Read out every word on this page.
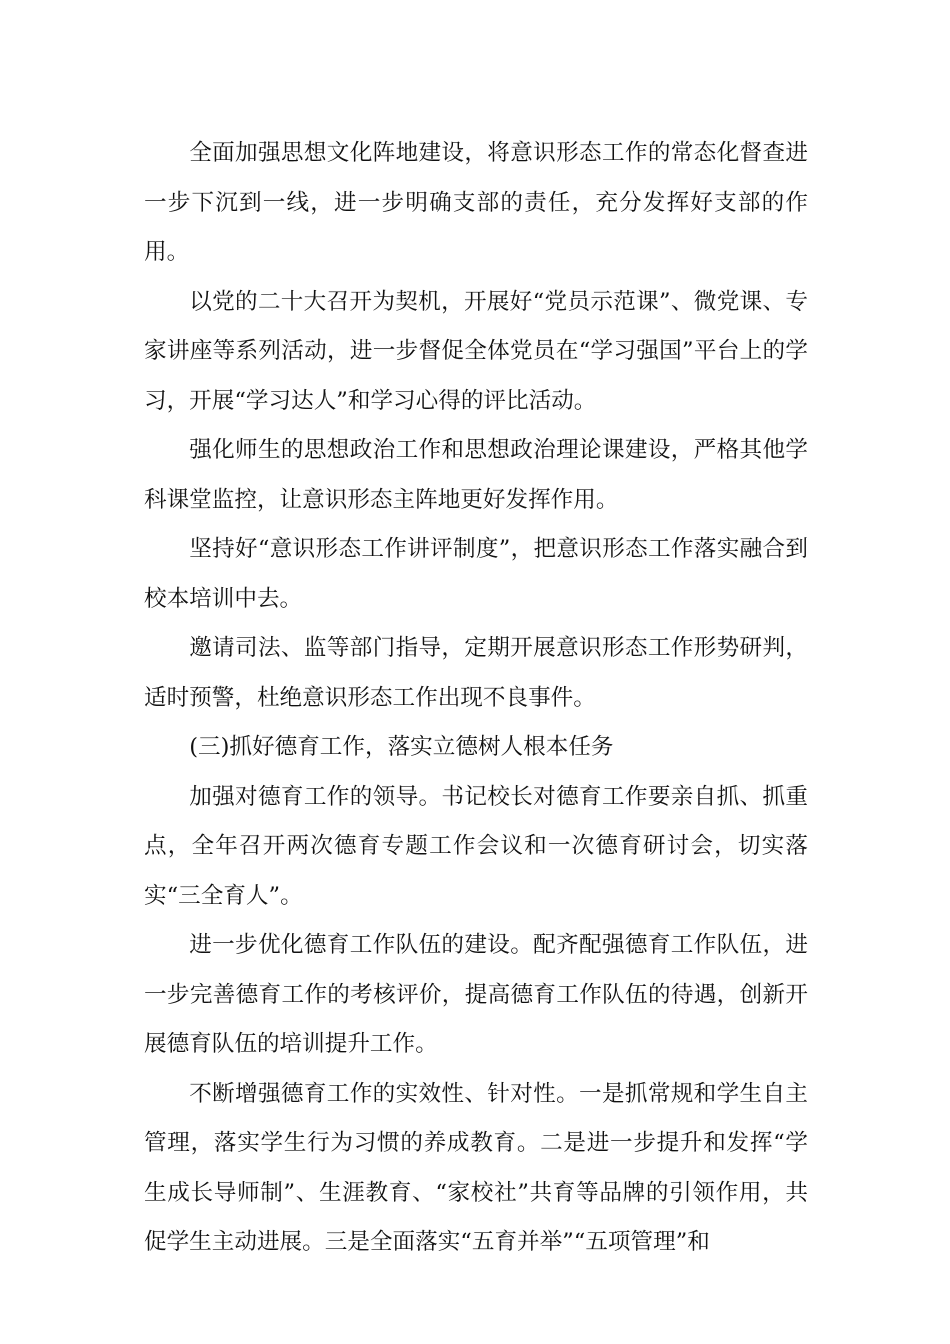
全面加强思想文化阵地建设，将意识形态工作的常态化督查进一步下沉到一线，进一步明确支部的责任，充分发挥好支部的作用。

以党的二十大召开为契机，开展好“党员示范课”、微党课、专家讲座等系列活动，进一步督促全体党员在“学习强国”平台上的学习，开展“学习达人”和学习心得的评比活动。

强化师生的思想政治工作和思想政治理论课建设，严格其他学科课堂监控，让意识形态主阵地更好发挥作用。

坚持好“意识形态工作讲评制度”，把意识形态工作落实融合到校本培训中去。

邀请司法、监等部门指导，定期开展意识形态工作形势研判，适时预警，杜绝意识形态工作出现不良事件。

(三)抓好德育工作，落实立德树人根本任务

加强对德育工作的领导。书记校长对德育工作要亲自抓、抓重点，全年召开两次德育专题工作会议和一次德育研讨会，切实落实“三全育人”。

进一步优化德育工作队伍的建设。配齐配强德育工作队伍，进一步完善德育工作的考核评价，提高德育工作队伍的待遇，创新开展德育队伍的培训提升工作。

不断增强德育工作的实效性、针对性。一是抓常规和学生自主管理，落实学生行为习惯的养成教育。二是进一步提升和发挥“学生成长导师制”、生涯教育、“家校社”共育等品牌的引领作用，共促学生主动进展。三是全面落实“五育并举”“五项管理”和
